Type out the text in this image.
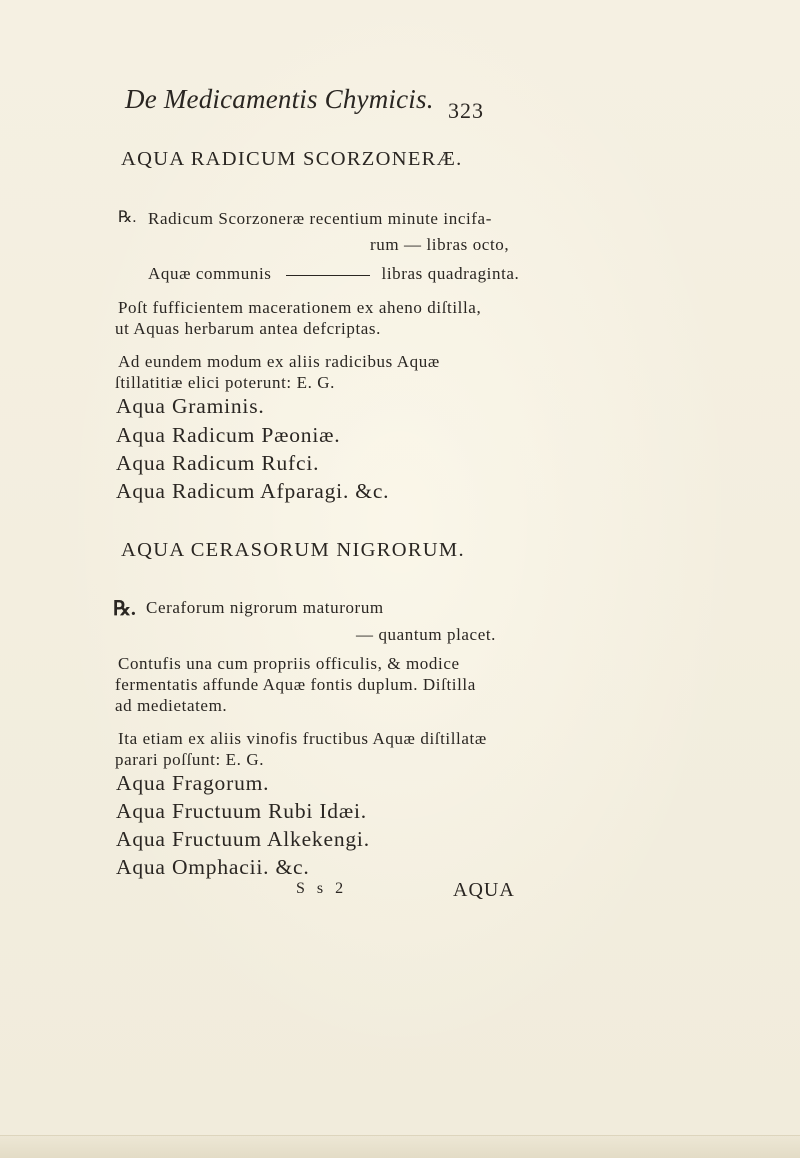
De Medicamentis Chymicis. 323
AQUA RADICUM SCORZONERÆ.
℞. Radicum Scorzoneræ recentium minute incifa-
rum — libras octo,
Aquæ communis	libras quadraginta.
Poſt fufficientem macerationem ex aheno diſtilla,
ut Aquas herbarum antea defcriptas.
Ad eundem modum ex aliis radicibus Aquæ
ſtillatitiæ elici poterunt: E. G.
Aqua Graminis.
Aqua Radicum Pæoniæ.
Aqua Radicum Rufci.
Aqua Radicum Afparagi. &c.
AQUA CERASORUM NIGRORUM.
℞. Ceraforum nigrorum maturorum
— quantum placet.
Contufis una cum propriis officulis, & modice
fermentatis affunde Aquæ fontis duplum. Diſtilla
ad medietatem.
Ita etiam ex aliis vinofis fructibus Aquæ diſtillatæ
parari poſſunt: E. G.
Aqua Fragorum.
Aqua Fructuum Rubi Idæi.
Aqua Fructuum Alkekengi.
Aqua Omphacii. &c.
S s 2	AQUA
